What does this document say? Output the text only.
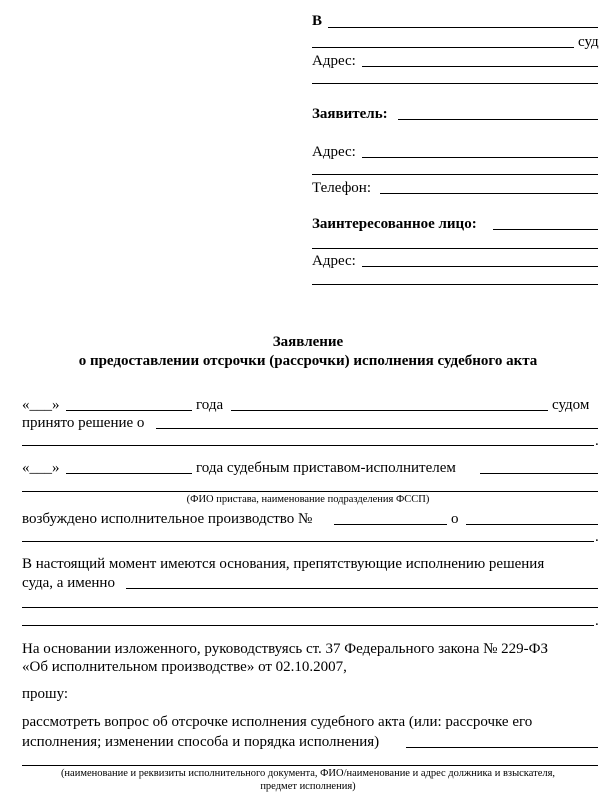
В
суд
Адрес:
Заявитель:
Адрес:
Телефон:
Заинтересованное лицо:
Адрес:
Заявление
о предоставлении отсрочки (рассрочки) исполнения судебного акта
«___»	года	судом
принято решение о
.
«___»	года судебным приставом-исполнителем
(ФИО пристава, наименование подразделения ФССП)
возбуждено исполнительное производство №	о
.
В настоящий момент имеются основания, препятствующие исполнению решения
суда, а именно
.
На основании изложенного, руководствуясь ст. 37 Федерального закона № 229-ФЗ
«Об исполнительном производстве» от 02.10.2007,
прошу:
рассмотреть вопрос об отсрочке исполнения судебного акта (или: рассрочке его
исполнения; изменении способа и порядка исполнения)
(наименование и реквизиты исполнительного документа, ФИО/наименование и адрес должника и взыскателя,
предмет исполнения)
